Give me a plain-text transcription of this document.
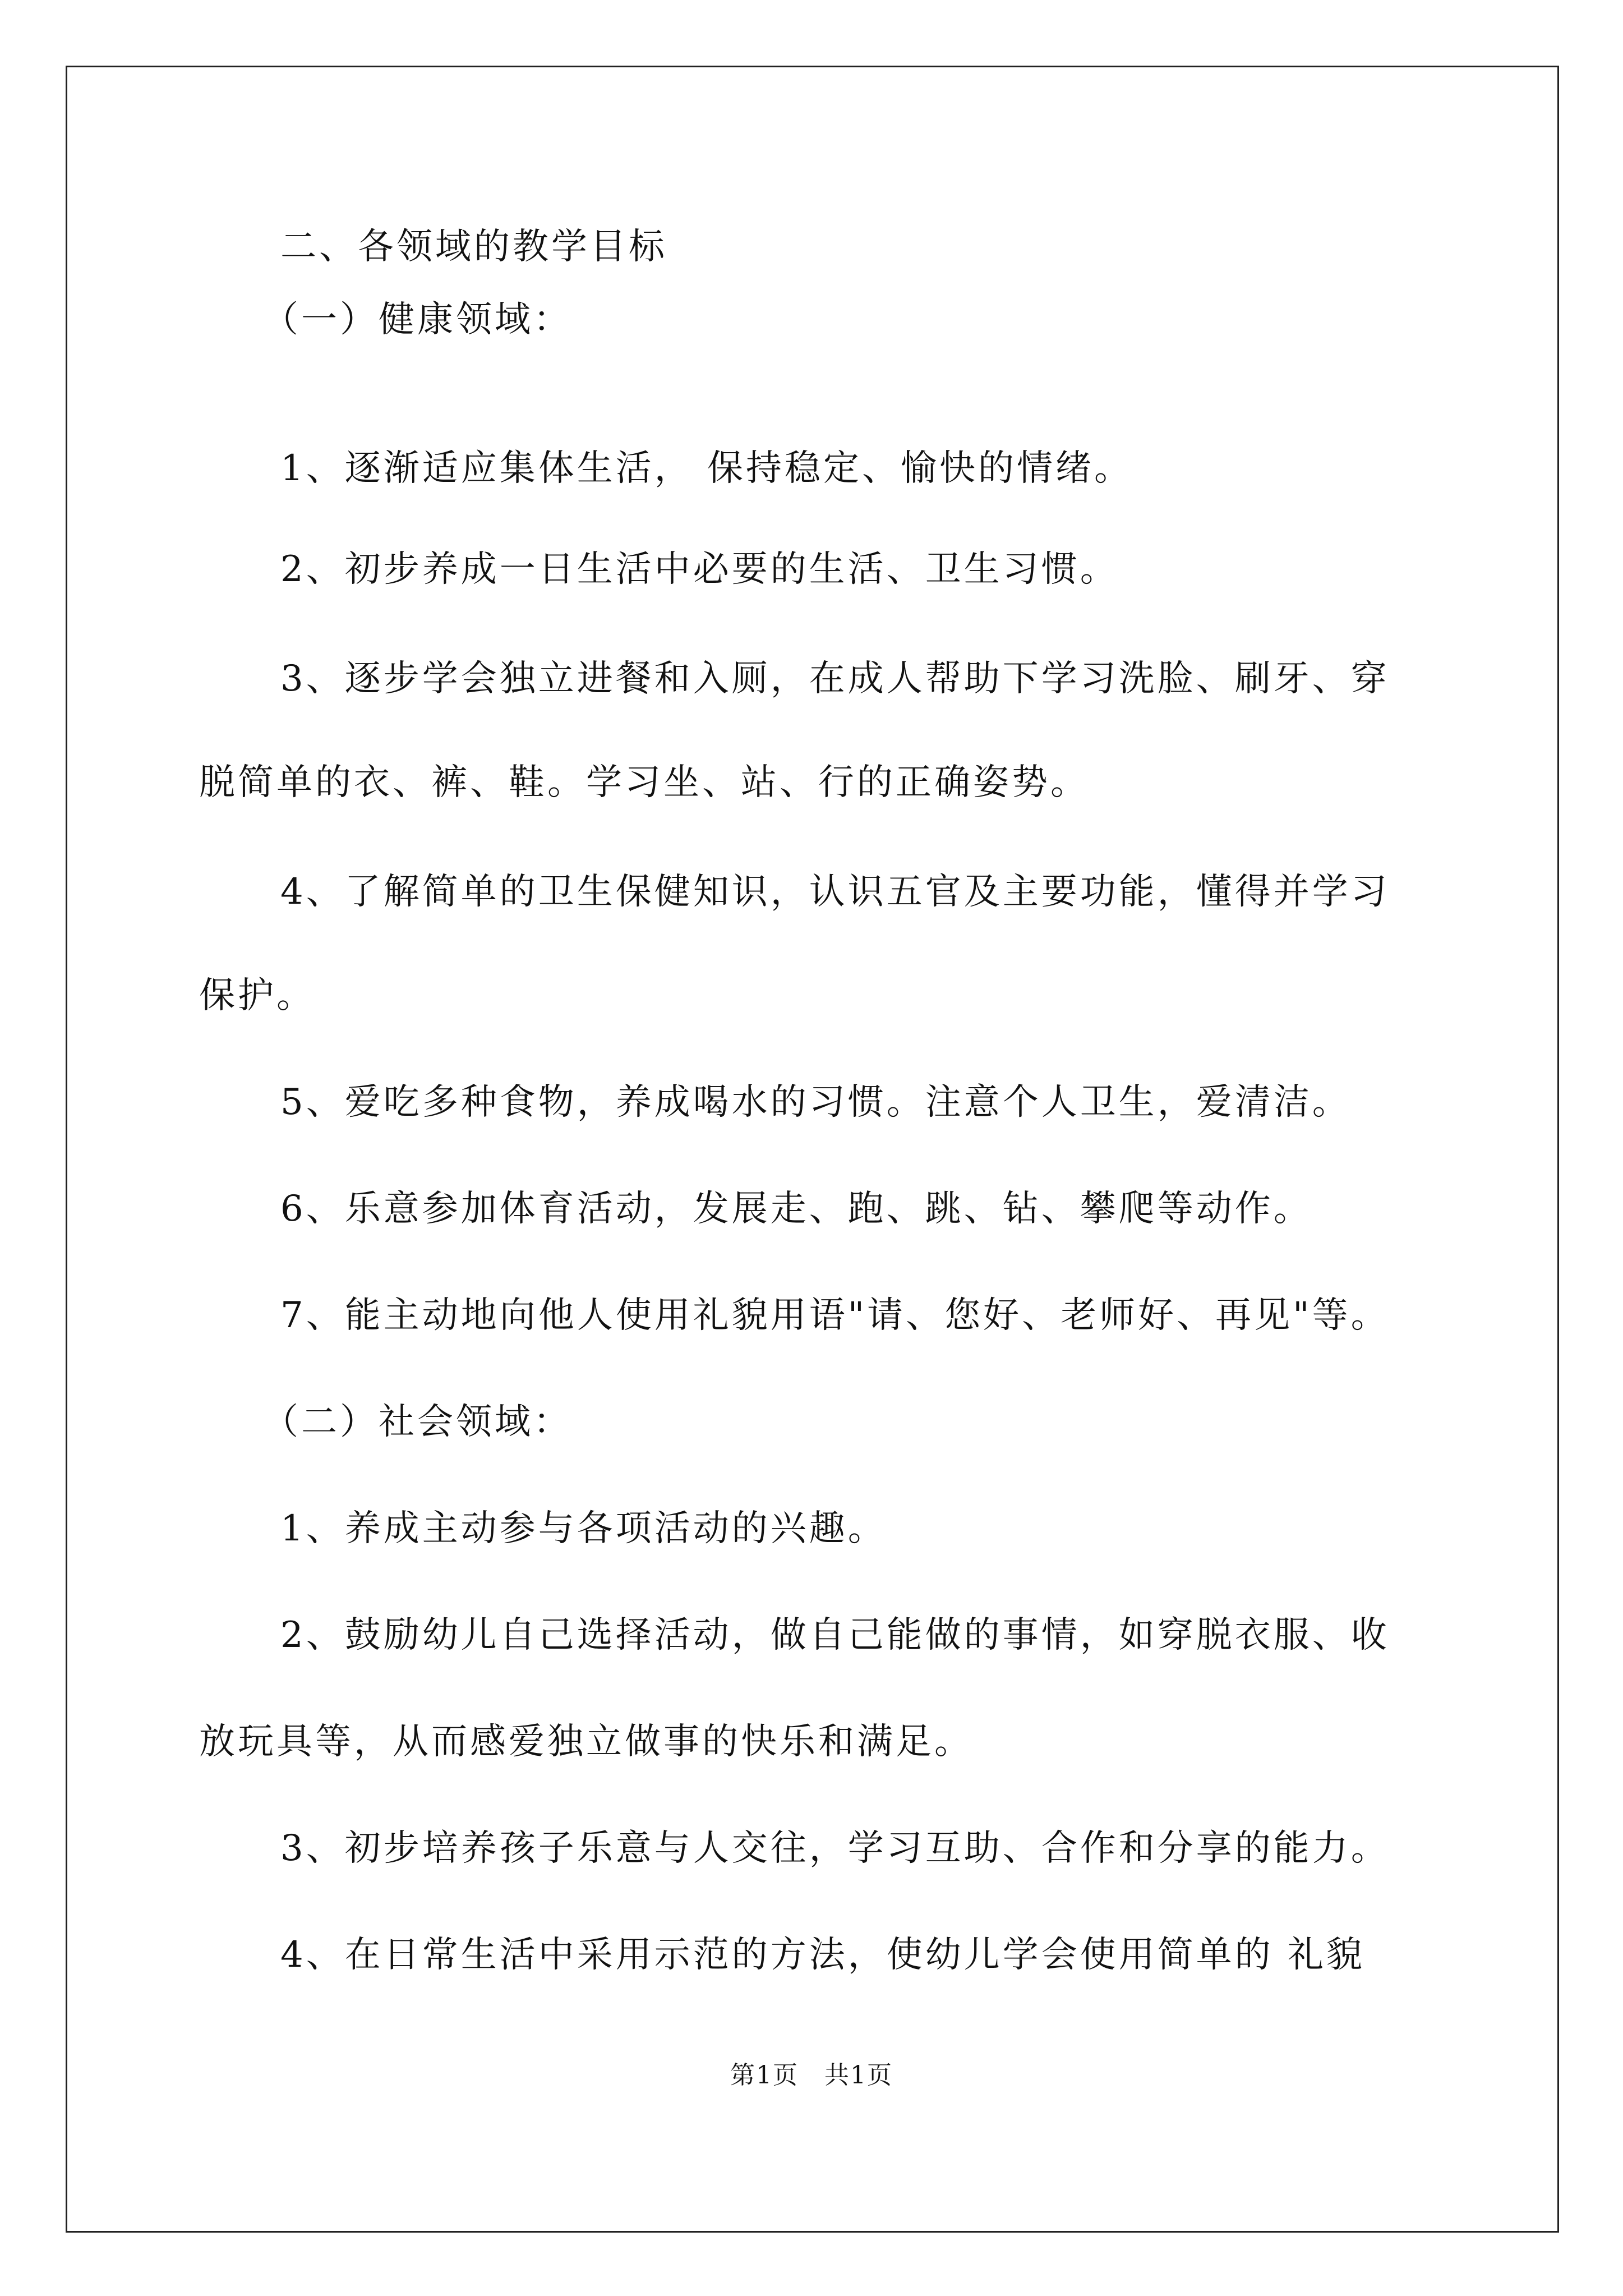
二、各领域的教学目标
（一）健康领域：
1、逐渐适应集体生活， 保持稳定、愉快的情绪。
2、初步养成一日生活中必要的生活、卫生习惯。
3、逐步学会独立进餐和入厕，在成人帮助下学习洗脸、刷牙、穿
脱简单的衣、裤、鞋。学习坐、站、行的正确姿势。
4、了解简单的卫生保健知识，认识五官及主要功能，懂得并学习
保护。
5、爱吃多种食物，养成喝水的习惯。注意个人卫生，爱清洁。
6、乐意参加体育活动，发展走、跑、跳、钻、攀爬等动作。
7、能主动地向他人使用礼貌用语"请、您好、老师好、再见"等。
（二）社会领域：
1、养成主动参与各项活动的兴趣。
2、鼓励幼儿自己选择活动，做自己能做的事情，如穿脱衣服、收
放玩具等，从而感爱独立做事的快乐和满足。
3、初步培养孩子乐意与人交往，学习互助、合作和分享的能力。
4、在日常生活中采用示范的方法，使幼儿学会使用简单的 礼貌
第1页　共1页
